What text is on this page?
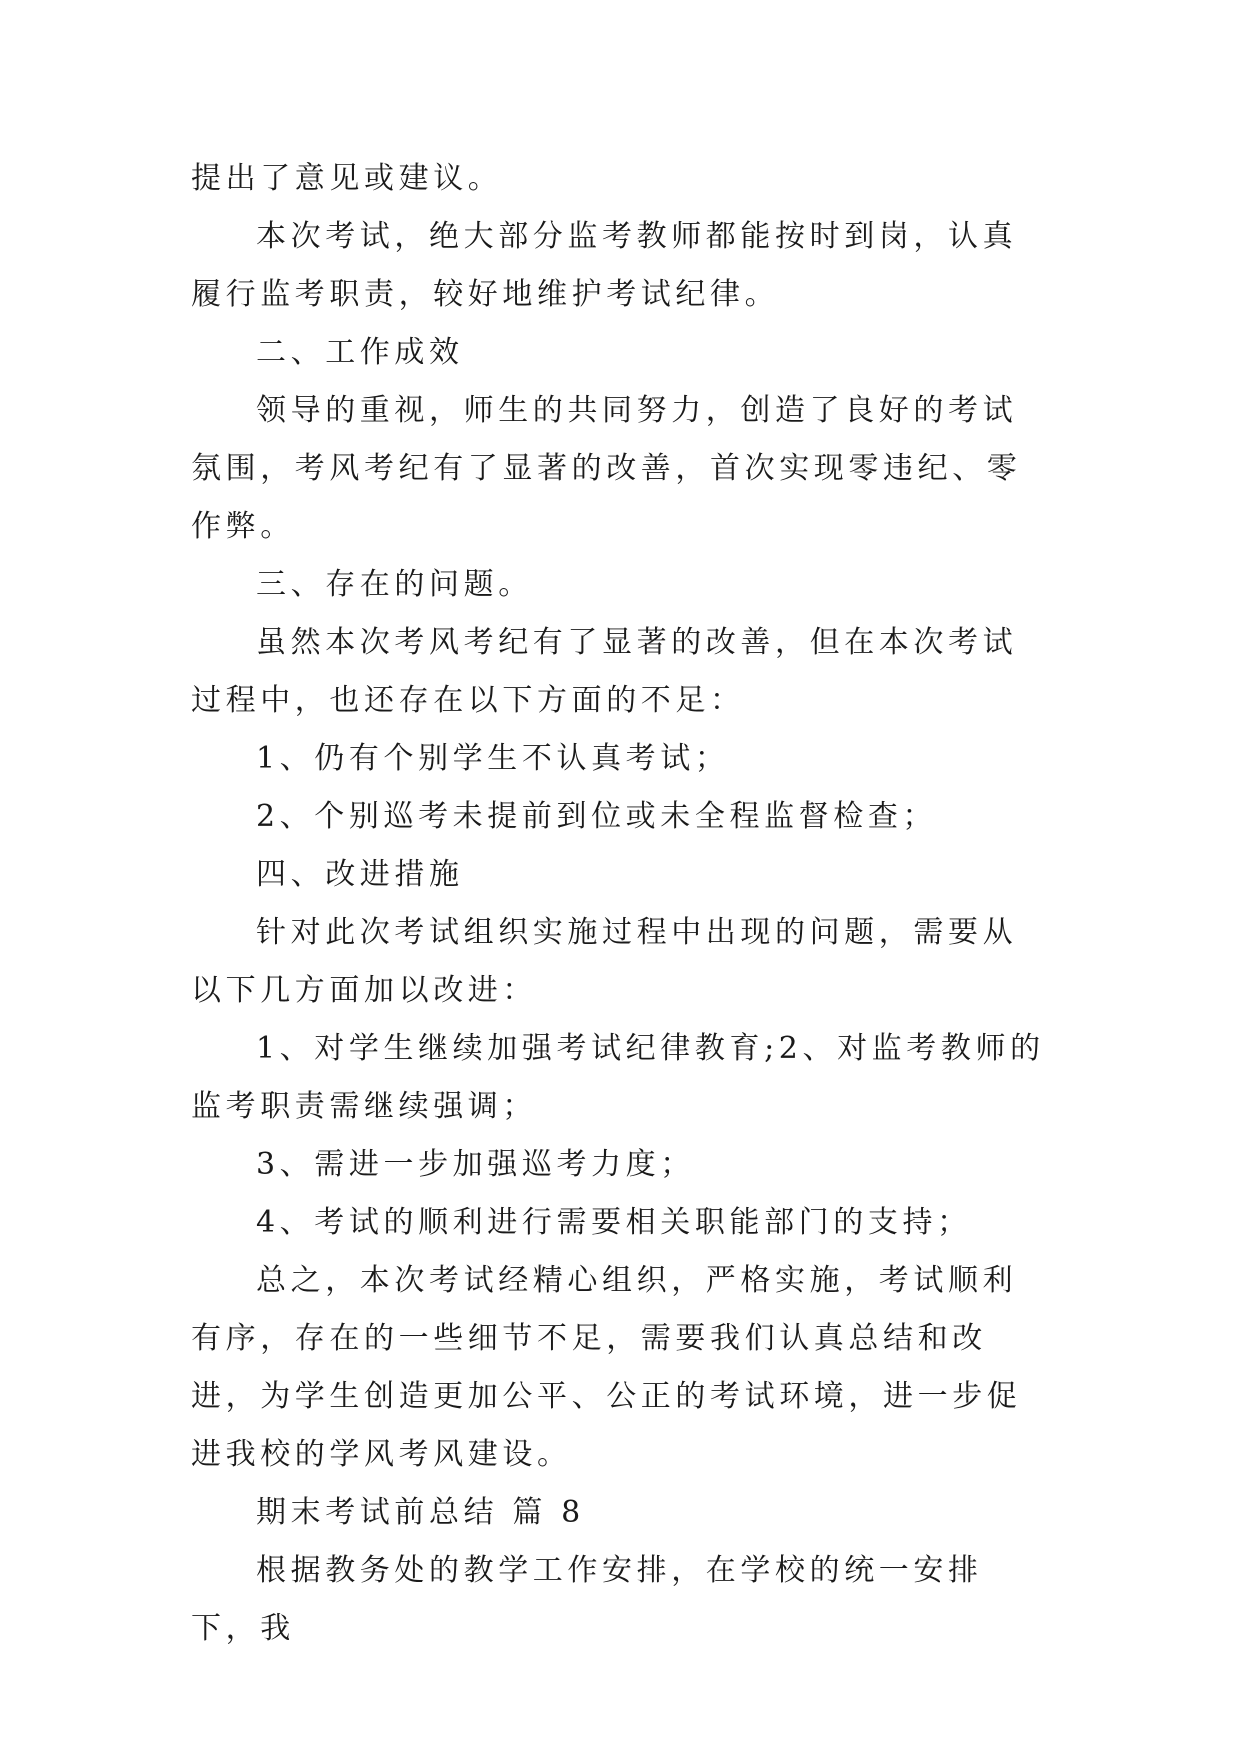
提出了意见或建议。

本次考试，绝大部分监考教师都能按时到岗，认真履行监考职责，较好地维护考试纪律。

二、工作成效

领导的重视，师生的共同努力，创造了良好的考试氛围，考风考纪有了显著的改善，首次实现零违纪、零作弊。

三、存在的问题。

虽然本次考风考纪有了显著的改善，但在本次考试过程中，也还存在以下方面的不足：

1、仍有个别学生不认真考试；

2、个别巡考未提前到位或未全程监督检查；

四、改进措施

针对此次考试组织实施过程中出现的问题，需要从以下几方面加以改进：

1、对学生继续加强考试纪律教育;2、对监考教师的监考职责需继续强调；

3、需进一步加强巡考力度；

4、考试的顺利进行需要相关职能部门的支持；

总之，本次考试经精心组织，严格实施，考试顺利有序，存在的一些细节不足，需要我们认真总结和改进，为学生创造更加公平、公正的考试环境，进一步促进我校的学风考风建设。

期末考试前总结 篇 8

根据教务处的教学工作安排，在学校的统一安排下，我
